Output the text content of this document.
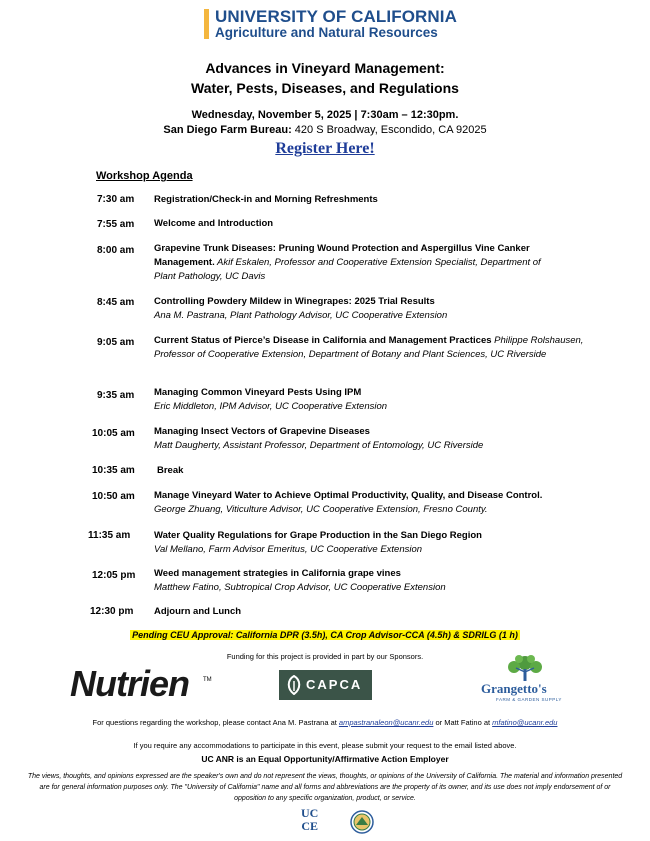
UNIVERSITY OF CALIFORNIA
Agriculture and Natural Resources
Advances in Vineyard Management:
Water, Pests, Diseases, and Regulations
Wednesday, November 5, 2025 | 7:30am – 12:30pm.
San Diego Farm Bureau: 420 S Broadway, Escondido, CA 92025
Register Here!
Workshop Agenda
7:30 am Registration/Check-in and Morning Refreshments
7:55 am Welcome and Introduction
8:00 am Grapevine Trunk Diseases: Pruning Wound Protection and Aspergillus Vine Canker Management. Akif Eskalen, Professor and Cooperative Extension Specialist, Department of Plant Pathology, UC Davis
8:45 am Controlling Powdery Mildew in Winegrapes: 2025 Trial Results
Ana M. Pastrana, Plant Pathology Advisor, UC Cooperative Extension
9:05 am Current Status of Pierce’s Disease in California and Management Practices Philippe Rolshausen, Professor of Cooperative Extension, Department of Botany and Plant Sciences, UC Riverside
9:35 am Managing Common Vineyard Pests Using IPM
Eric Middleton, IPM Advisor, UC Cooperative Extension
10:05 am Managing Insect Vectors of Grapevine Diseases
Matt Daugherty, Assistant Professor, Department of Entomology, UC Riverside
10:35 am Break
10:50 am Manage Vineyard Water to Achieve Optimal Productivity, Quality, and Disease Control.
George Zhuang, Viticulture Advisor, UC Cooperative Extension, Fresno County.
11:35 am Water Quality Regulations for Grape Production in the San Diego Region
Val Mellano, Farm Advisor Emeritus, UC Cooperative Extension
12:05 pm Weed management strategies in California grape vines
Matthew Fatino, Subtropical Crop Advisor, UC Cooperative Extension
12:30 pm Adjourn and Lunch
Pending CEU Approval: California DPR (3.5h), CA Crop Advisor-CCA (4.5h) & SDRILG (1 h)
Funding for this project is provided in part by our Sponsors.
Nutrien TM	CAPCA	Grangetto's
FARM & GARDEN SUPPLY
For questions regarding the workshop, please contact Ana M. Pastrana at ampastranaleon@ucanr.edu or Matt Fatino at mfatino@ucanr.edu
If you require any accommodations to participate in this event, please submit your request to the email listed above.
UC ANR is an Equal Opportunity/Affirmative Action Employer
The views, thoughts, and opinions expressed are the speaker's own and do not represent the views, thoughts, or opinions of the University of California. The material and information presented are for general information purposes only. The "University of California" name and all forms and abbreviations are the property of its owner, and its use does not imply endorsement of or opposition to any specific organization, product, or service.
UC
CE
